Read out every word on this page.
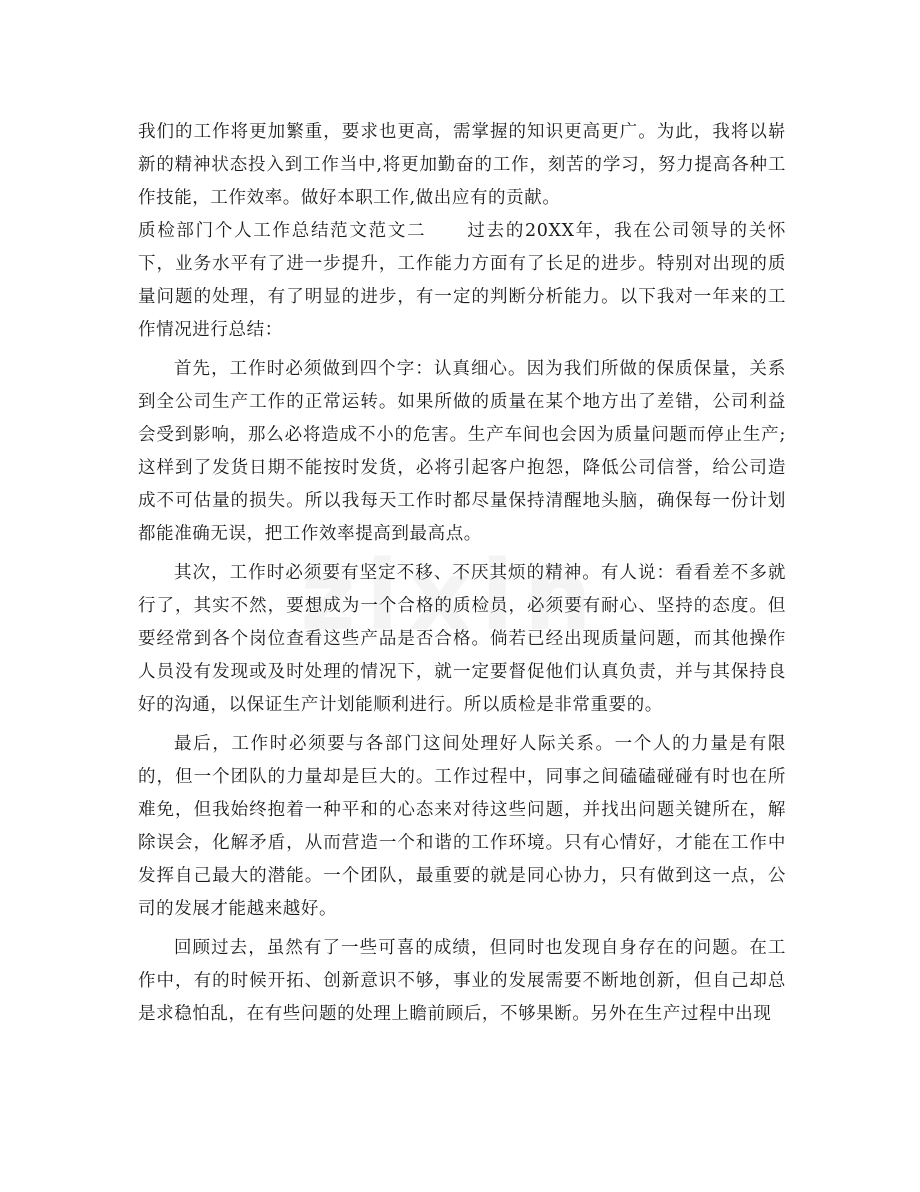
我们的工作将更加繁重，要求也更高，需掌握的知识更高更广。为此，我将以崭新的精神状态投入到工作当中,将更加勤奋的工作，刻苦的学习，努力提高各种工作技能，工作效率。做好本职工作,做出应有的贡献。

质检部门个人工作总结范文范文二 过去的20XX年，我在公司领导的关怀下，业务水平有了进一步提升，工作能力方面有了长足的进步。特别对出现的质量问题的处理，有了明显的进步，有一定的判断分析能力。以下我对一年来的工作情况进行总结：

首先，工作时必须做到四个字：认真细心。因为我们所做的保质保量，关系到全公司生产工作的正常运转。如果所做的质量在某个地方出了差错，公司利益会受到影响，那么必将造成不小的危害。生产车间也会因为质量问题而停止生产;这样到了发货日期不能按时发货，必将引起客户抱怨，降低公司信誉，给公司造成不可估量的损失。所以我每天工作时都尽量保持清醒地头脑，确保每一份计划都能准确无误，把工作效率提高到最高点。

其次，工作时必须要有坚定不移、不厌其烦的精神。有人说：看看差不多就行了，其实不然，要想成为一个合格的质检员，必须要有耐心、坚持的态度。但要经常到各个岗位查看这些产品是否合格。倘若已经出现质量问题，而其他操作人员没有发现或及时处理的情况下，就一定要督促他们认真负责，并与其保持良好的沟通，以保证生产计划能顺利进行。所以质检是非常重要的。

最后，工作时必须要与各部门这间处理好人际关系。一个人的力量是有限的，但一个团队的力量却是巨大的。工作过程中，同事之间磕磕碰碰有时也在所难免，但我始终抱着一种平和的心态来对待这些问题，并找出问题关键所在，解除误会，化解矛盾，从而营造一个和谐的工作环境。只有心情好，才能在工作中发挥自己最大的潜能。一个团队，最重要的就是同心协力，只有做到这一点，公司的发展才能越来越好。

回顾过去，虽然有了一些可喜的成绩，但同时也发现自身存在的问题。在工作中，有的时候开拓、创新意识不够，事业的发展需要不断地创新，但自己却总是求稳怕乱，在有些问题的处理上瞻前顾后，不够果断。另外在生产过程中出现
